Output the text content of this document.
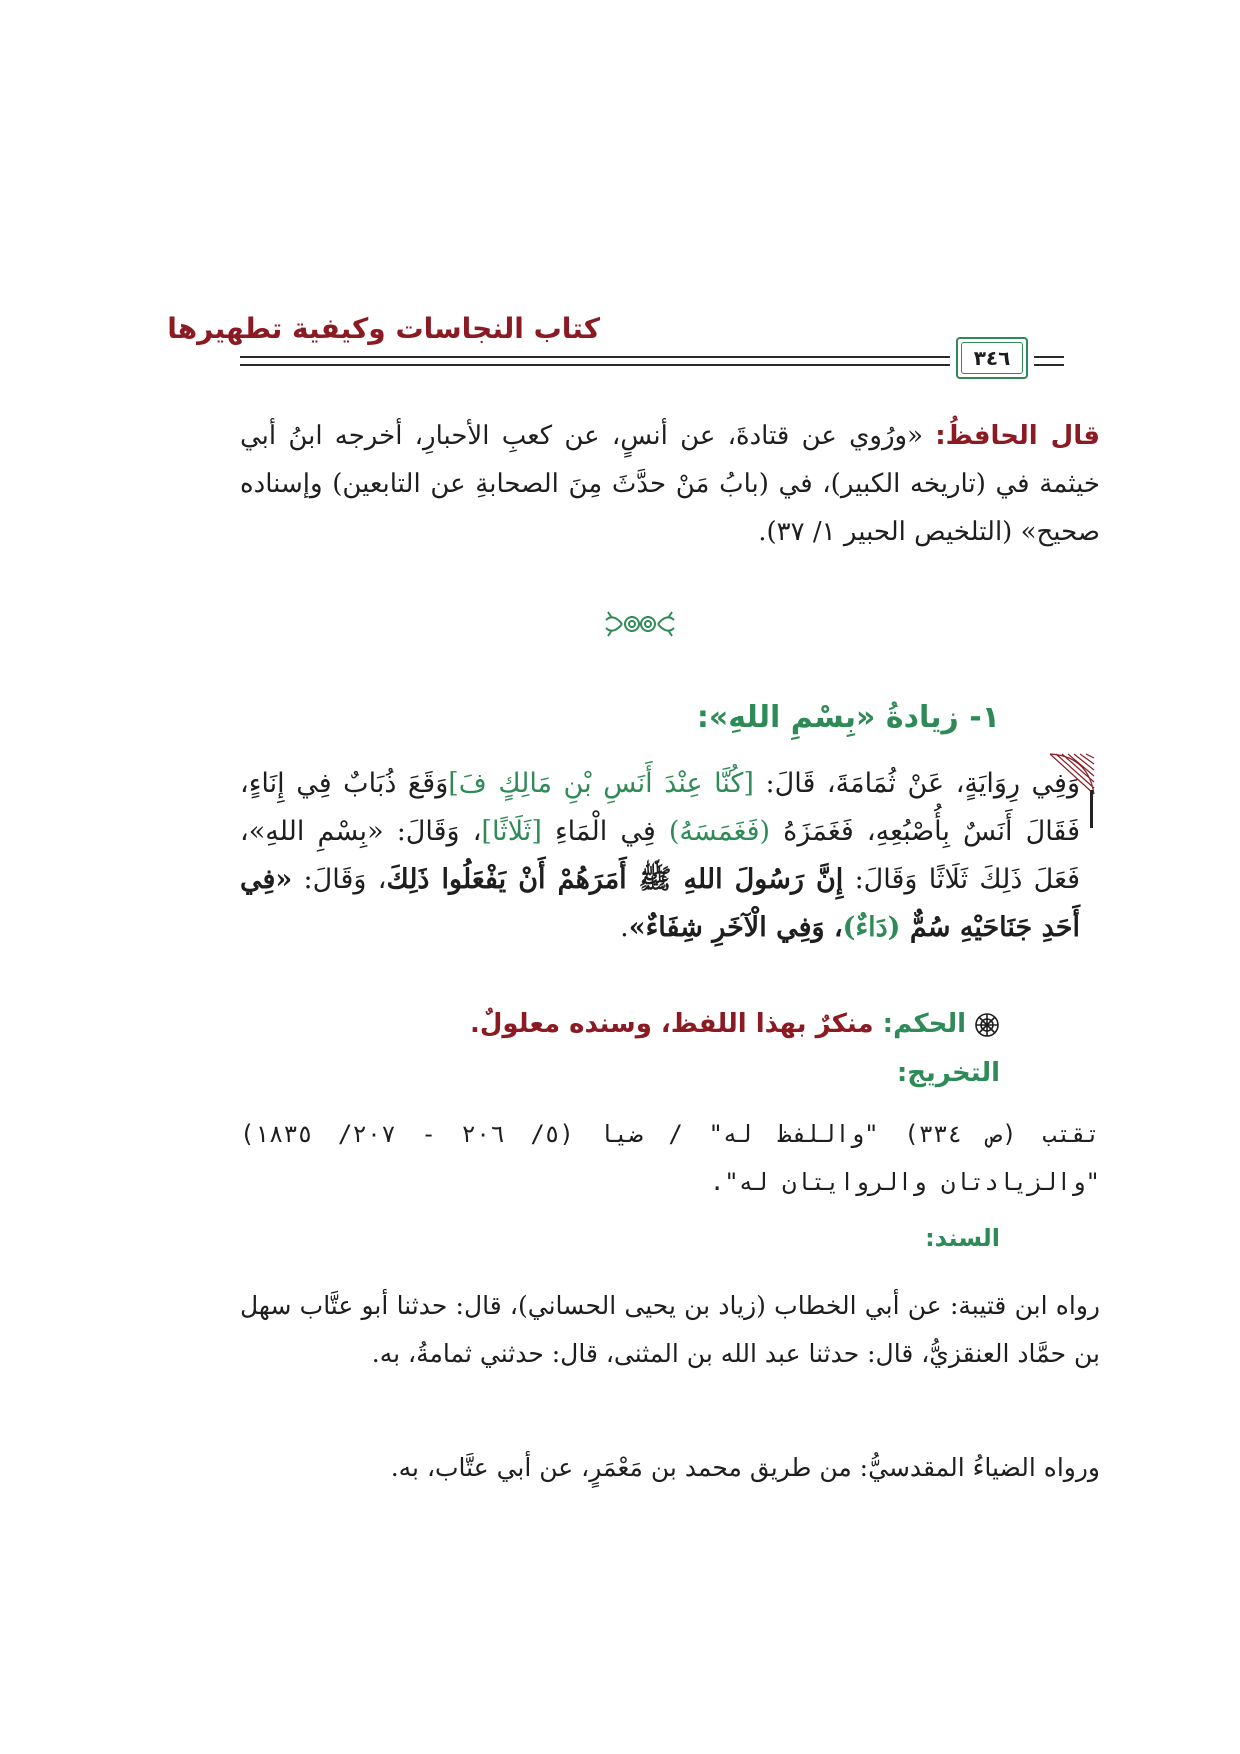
كتاب النجاسات وكيفية تطهيرها
٣٤٦
قال الحافظُ: «ورُوي عن قتادةَ، عن أنسٍ، عن كعبِ الأحبارِ، أخرجه ابنُ أبي خيثمة في (تاريخه الكبير)، في (بابُ مَنْ حدَّثَ مِنَ الصحابةِ عن التابعين) وإسناده صحيح» (التلخيص الحبير ١/ ٣٧).
١- زيادةُ «بِسْمِ اللهِ»:
وَفِي رِوَايَةٍ، عَنْ ثُمَامَةَ، قَالَ: [كُنَّا عِنْدَ أَنَسِ بْنِ مَالِكٍ فَ]وَقَعَ ذُبَابٌ فِي إِنَاءٍ، فَقَالَ أَنَسٌ بِأُصْبُعِهِ، فَغَمَزَهُ (فَغَمَسَهُ) فِي الْمَاءِ [ثَلَاثًا]، وَقَالَ: «بِسْمِ اللهِ»، فَعَلَ ذَلِكَ ثَلَاثًا وَقَالَ: إِنَّ رَسُولَ اللهِ ﷺ أَمَرَهُمْ أَنْ يَفْعَلُوا ذَلِكَ، وَقَالَ: «فِي أَحَدِ جَنَاحَيْهِ سُمٌّ (دَاءٌ)، وَفِي الْآخَرِ شِفَاءٌ».
الحكم: منكرٌ بهذا اللفظ، وسنده معلولٌ.
التخريج:
تقتب (ص ٣٣٤) "واللفظ له" / ضيا (٥/ ٢٠٦ - ٢٠٧/ ١٨٣٥) "والزيادتان والروايتان له".
السند:
رواه ابن قتيبة: عن أبي الخطاب (زياد بن يحيى الحساني)، قال: حدثنا أبو عتَّاب سهل بن حمَّاد العنقزيُّ، قال: حدثنا عبد الله بن المثنى، قال: حدثني ثمامةُ، به.
ورواه الضياءُ المقدسيُّ: من طريق محمد بن مَعْمَرٍ، عن أبي عتَّاب، به.
